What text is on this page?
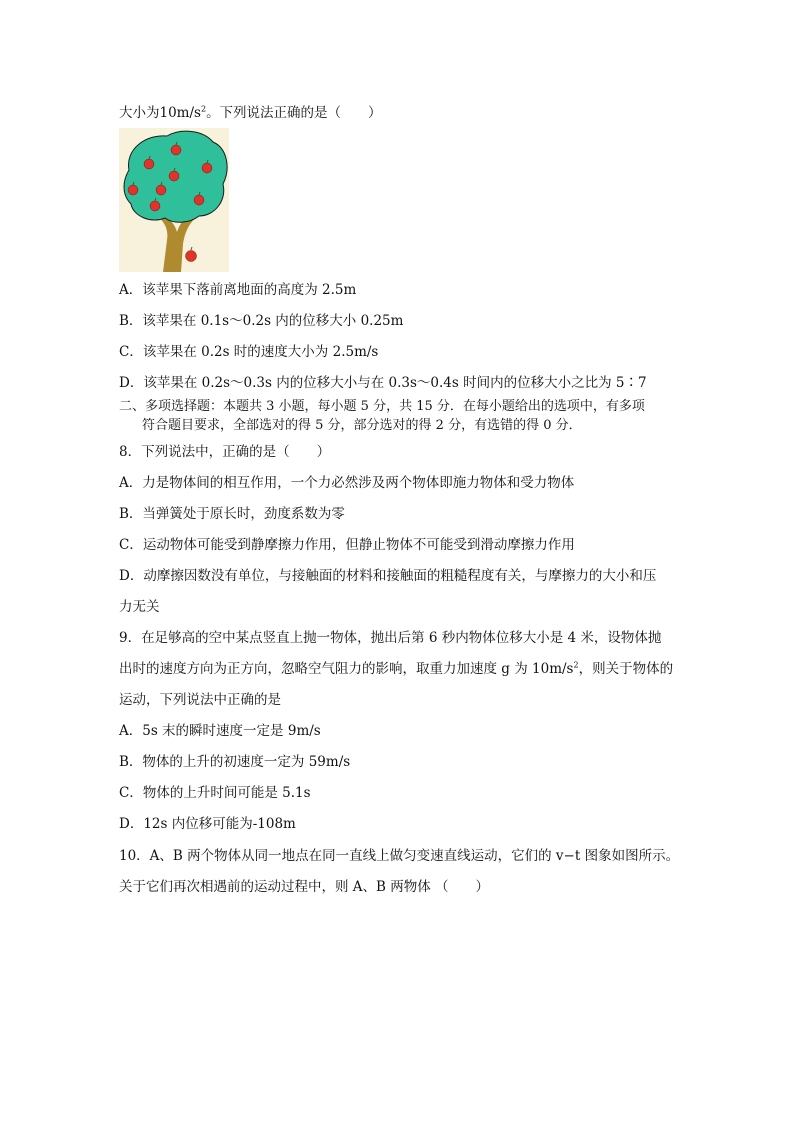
大小为$10m/s^2$。下列说法正确的是（　　）
A．该苹果下落前离地面的高度为 2.5m
B．该苹果在 0.1s～0.2s 内的位移大小 0.25m
C．该苹果在 0.2s 时的速度大小为 2.5m/s
D．该苹果在 0.2s～0.3s 内的位移大小与在 0.3s～0.4s 时间内的位移大小之比为 5∶7
二、多项选择题：本题共 3 小题，每小题 5 分，共 15 分．在每小题给出的选项中，有多项
符合题目要求，全部选对的得 5 分，部分选对的得 2 分，有选错的得 0 分．
8．下列说法中，正确的是（　　）
A．力是物体间的相互作用，一个力必然涉及两个物体即施力物体和受力物体
B．当弹簧处于原长时，劲度系数为零
C．运动物体可能受到静摩擦力作用，但静止物体不可能受到滑动摩擦力作用
D．动摩擦因数没有单位，与接触面的材料和接触面的粗糙程度有关，与摩擦力的大小和压
力无关
9．在足够高的空中某点竖直上抛一物体，抛出后第 6 秒内物体位移大小是 4 米，设物体抛
出时的速度方向为正方向，忽略空气阻力的影响，取重力加速度 g 为 $10m/s^2$，则关于物体的
运动，下列说法中正确的是
A．5s 末的瞬时速度一定是 9m/s
B．物体的上升的初速度一定为 59m/s
C．物体的上升时间可能是 5.1s
D．12s 内位移可能为-108m
10．A、B 两个物体从同一地点在同一直线上做匀变速直线运动，它们的 v−t 图象如图所示。
关于它们再次相遇前的运动过程中，则 A、B 两物体 （　　）
